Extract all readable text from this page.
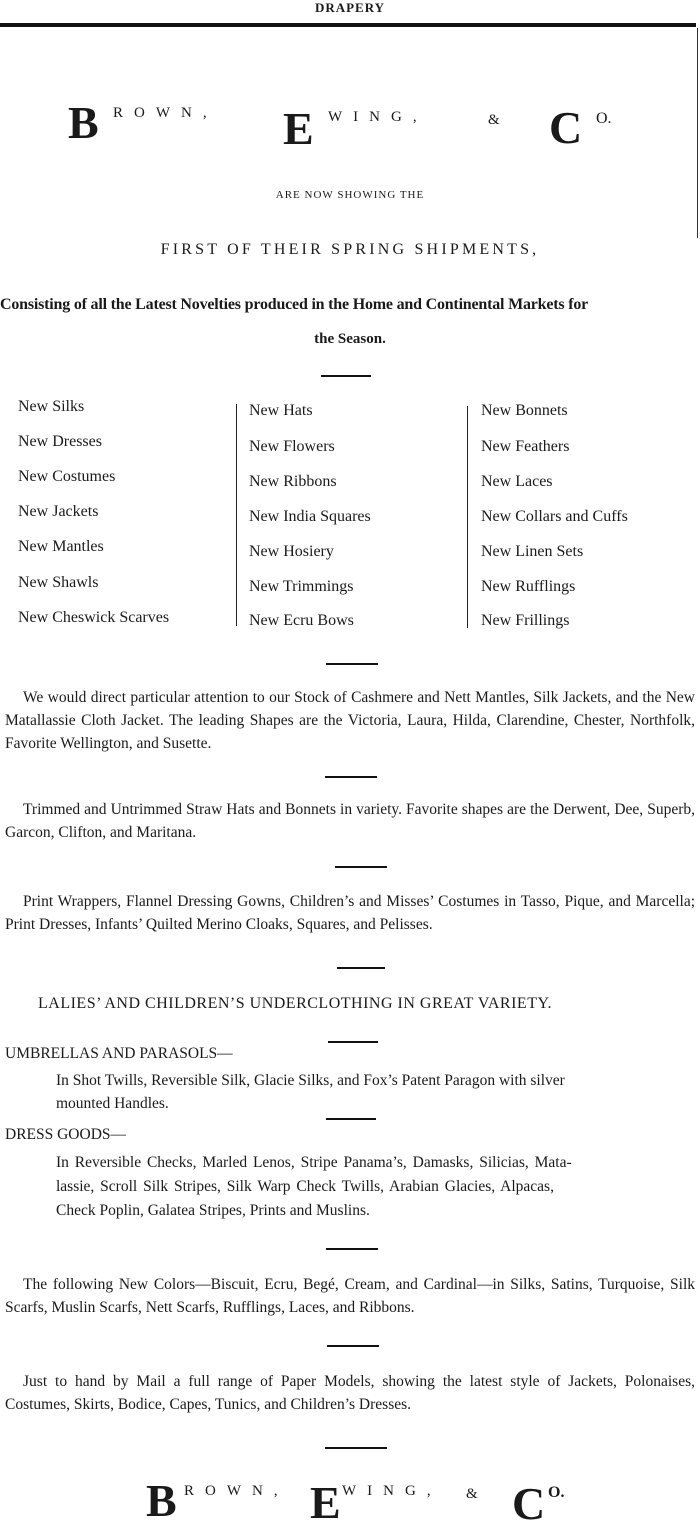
DRAPERY
B ROWN, E WING,	& C O.
ARE NOW SHOWING THE
FIRST OF THEIR SPRING SHIPMENTS,
Consisting of all the Latest Novelties produced in the Home and Continental Markets for
the Season.
New Silks
New Dresses
New Costumes
New Jackets
New Mantles
New Shawls
New Cheswick Scarves
New Hats
New Flowers
New Ribbons
New India Squares
New Hosiery
New Trimmings
New Ecru Bows
New Bonnets
New Feathers
New Laces
New Collars and Cuffs
New Linen Sets
New Rufflings
New Frillings
We would direct particular attention to our Stock of Cashmere and Nett Mantles, Silk Jackets, and the New Matallassie Cloth Jacket. The leading Shapes are the Victoria, Laura, Hilda, Clarendine, Chester, Northfolk, Favorite Wellington, and Susette.
Trimmed and Untrimmed Straw Hats and Bonnets in variety. Favorite shapes are the Derwent, Dee, Superb, Garcon, Clifton, and Maritana.
Print Wrappers, Flannel Dressing Gowns, Children’s and Misses’ Costumes in Tasso, Pique, and Marcella; Print Dresses, Infants’ Quilted Merino Cloaks, Squares, and Pelisses.
LALIES’ AND CHILDREN’S UNDERCLOTHING IN GREAT VARIETY.
UMBRELLAS AND PARASOLS—
In Shot Twills, Reversible Silk, Glacie Silks, and Fox’s Patent Paragon with silver
mounted Handles.
DRESS GOODS—
In Reversible Checks, Marled Lenos, Stripe Panama’s, Damasks, Silicias, Mata-
lassie, Scroll Silk Stripes, Silk Warp Check Twills, Arabian Glacies, Alpacas,
Check Poplin, Galatea Stripes, Prints and Muslins.
The following New Colors—Biscuit, Ecru, Begé, Cream, and Cardinal—in Silks, Satins, Turquoise, Silk Scarfs, Muslin Scarfs, Nett Scarfs, Rufflings, Laces, and Ribbons.
Just to hand by Mail a full range of Paper Models, showing the latest style of Jackets, Polonaises, Costumes, Skirts, Bodice, Capes, Tunics, and Children’s Dresses.
B ROWN, E WING, & C O.
